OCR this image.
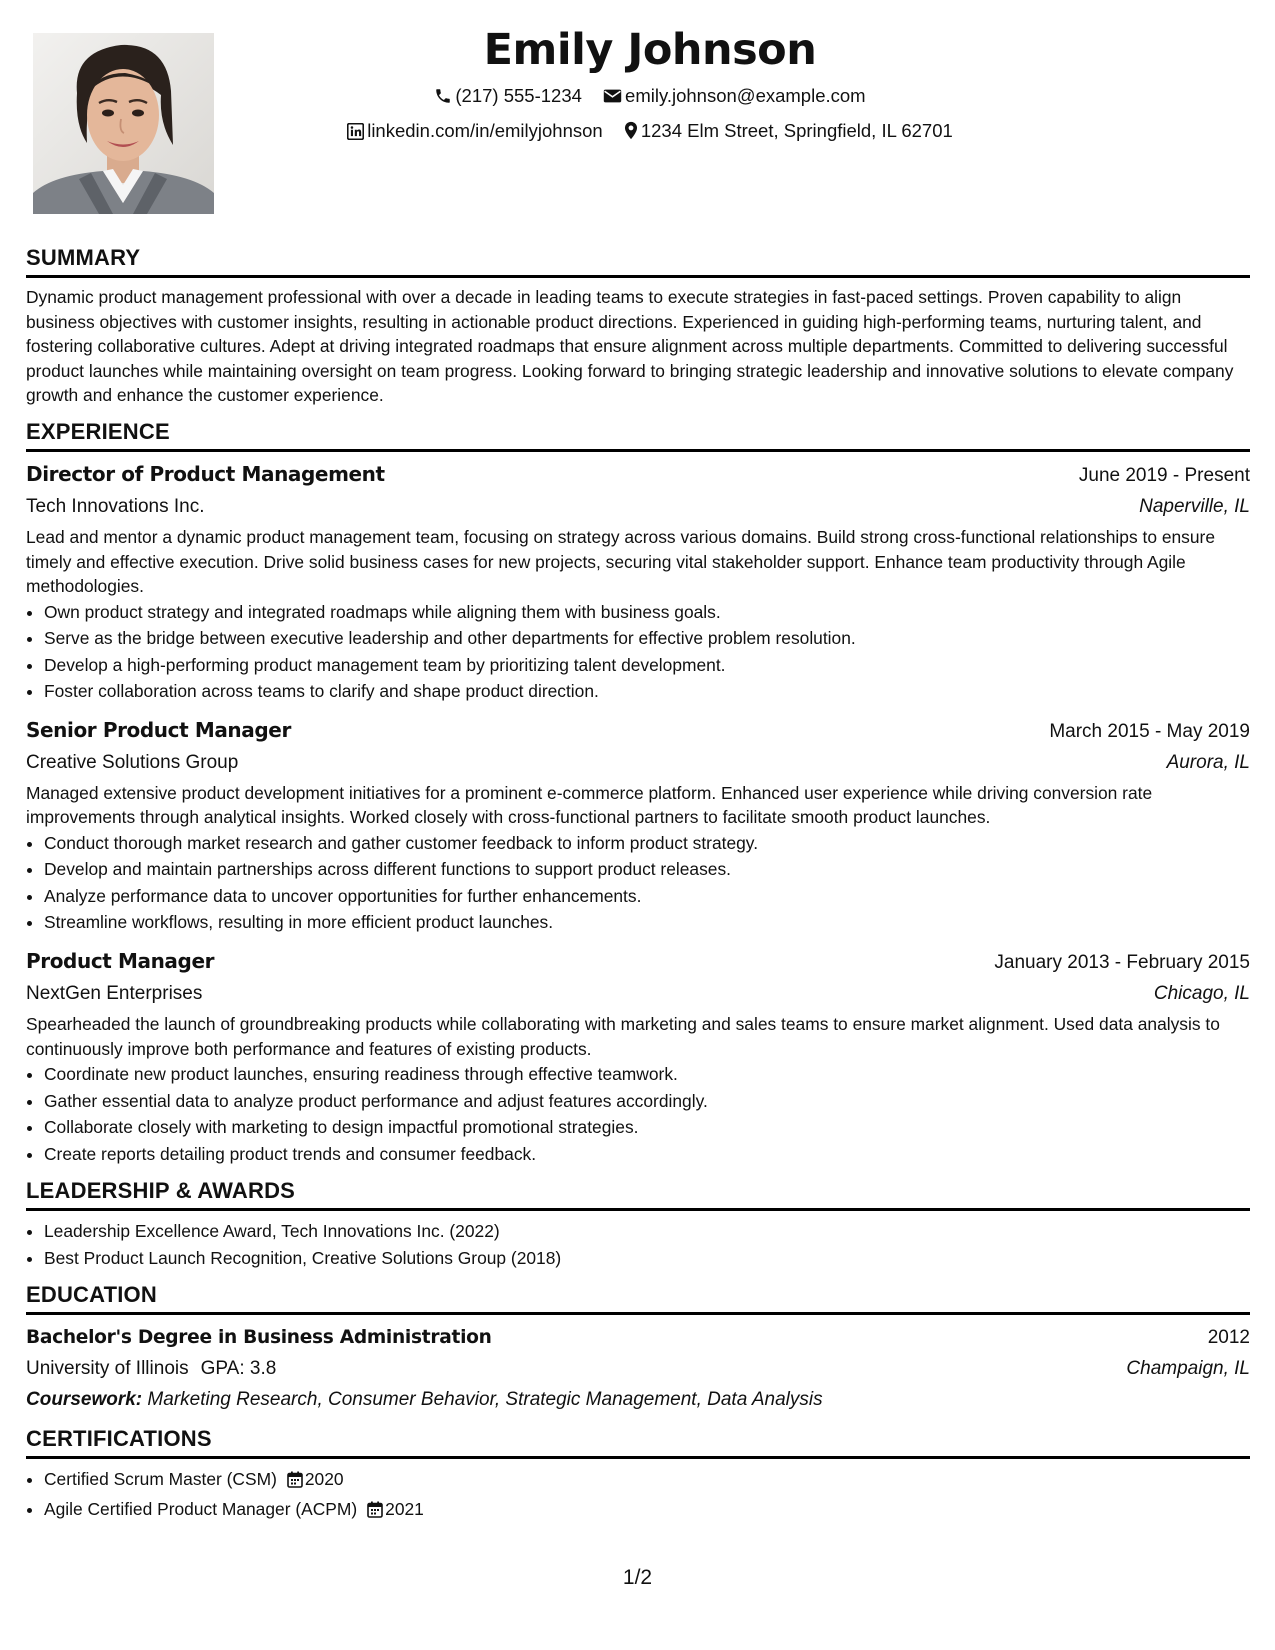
Emily Johnson
(217) 555-1234 emily.johnson@example.com
linkedin.com/in/emilyjohnson 1234 Elm Street, Springfield, IL 62701
SUMMARY

Dynamic product management professional with over a decade in leading teams to execute strategies in fast-paced settings. Proven capability to align business objectives with customer insights, resulting in actionable product directions. Experienced in guiding high-performing teams, nurturing talent, and fostering collaborative cultures. Adept at driving integrated roadmaps that ensure alignment across multiple departments. Committed to delivering successful product launches while maintaining oversight on team progress. Looking forward to bringing strategic leadership and innovative solutions to elevate company growth and enhance the customer experience.

EXPERIENCE
Director of Product Management	June 2019 - Present
Tech Innovations Inc.	Naperville, IL

Lead and mentor a dynamic product management team, focusing on strategy across various domains. Build strong cross-functional relationships to ensure timely and effective execution. Drive solid business cases for new projects, securing vital stakeholder support. Enhance team productivity through Agile methodologies.

• Own product strategy and integrated roadmaps while aligning them with business goals.
• Serve as the bridge between executive leadership and other departments for effective problem resolution.
• Develop a high-performing product management team by prioritizing talent development.
• Foster collaboration across teams to clarify and shape product direction.
Senior Product Manager	March 2015 - May 2019
Creative Solutions Group	Aurora, IL

Managed extensive product development initiatives for a prominent e-commerce platform. Enhanced user experience while driving conversion rate improvements through analytical insights. Worked closely with cross-functional partners to facilitate smooth product launches.

• Conduct thorough market research and gather customer feedback to inform product strategy.
• Develop and maintain partnerships across different functions to support product releases.
• Analyze performance data to uncover opportunities for further enhancements.
• Streamline workflows, resulting in more efficient product launches.
Product Manager	January 2013 - February 2015
NextGen Enterprises	Chicago, IL

Spearheaded the launch of groundbreaking products while collaborating with marketing and sales teams to ensure market alignment. Used data analysis to continuously improve both performance and features of existing products.

• Coordinate new product launches, ensuring readiness through effective teamwork.
• Gather essential data to analyze product performance and adjust features accordingly.
• Collaborate closely with marketing to design impactful promotional strategies.
• Create reports detailing product trends and consumer feedback.
LEADERSHIP & AWARDS
• Leadership Excellence Award, Tech Innovations Inc. (2022)
• Best Product Launch Recognition, Creative Solutions Group (2018)
EDUCATION
Bachelor's Degree in Business Administration	2012
University of Illinois GPA: 3.8	Champaign, IL
Coursework: Marketing Research, Consumer Behavior, Strategic Management, Data Analysis
CERTIFICATIONS
• Certified Scrum Master (CSM) 2020
• Agile Certified Product Manager (ACPM) 2021
1/2
